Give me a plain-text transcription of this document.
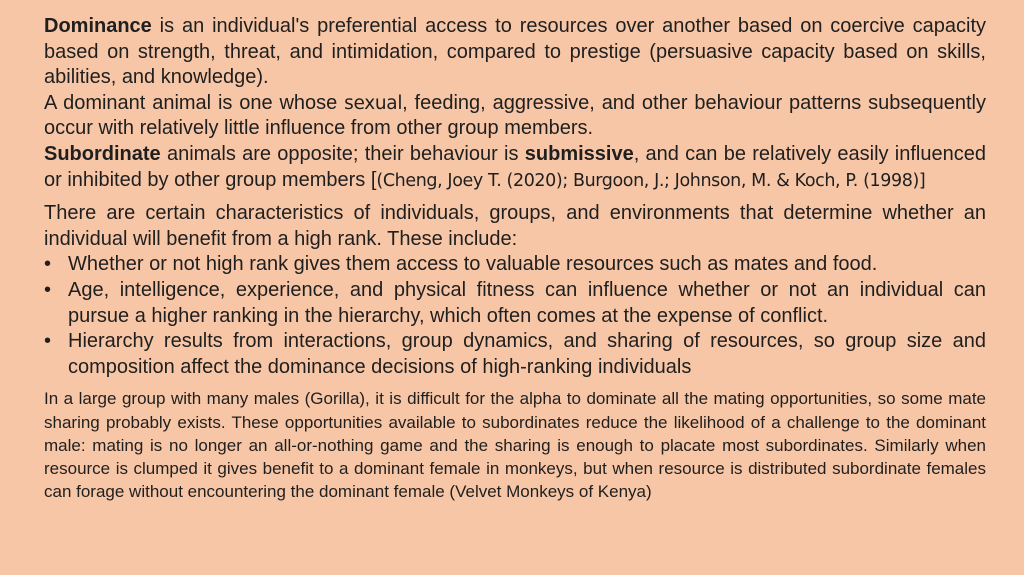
Dominance is an individual's preferential access to resources over another based on coercive capacity based on strength, threat, and intimidation, compared to prestige (persuasive capacity based on skills, abilities, and knowledge).

A dominant animal is one whose sexual, feeding, aggressive, and other behaviour patterns subsequently occur with relatively little influence from other group members.

Subordinate animals are opposite; their behaviour is submissive, and can be relatively easily influenced or inhibited by other group members [(Cheng, Joey T. (2020); Burgoon, J.; Johnson, M. & Koch, P. (1998)]

There are certain characteristics of individuals, groups, and environments that determine whether an individual will benefit from a high rank. These include:

• Whether or not high rank gives them access to valuable resources such as mates and food.
• Age, intelligence, experience, and physical fitness can influence whether or not an individual can pursue a higher ranking in the hierarchy, which often comes at the expense of conflict.
• Hierarchy results from interactions, group dynamics, and sharing of resources, so group size and composition affect the dominance decisions of high-ranking individuals

In a large group with many males (Gorilla), it is difficult for the alpha to dominate all the mating opportunities, so some mate sharing probably exists. These opportunities available to subordinates reduce the likelihood of a challenge to the dominant male: mating is no longer an all-or-nothing game and the sharing is enough to placate most subordinates. Similarly when resource is clumped it gives benefit to a dominant female in monkeys, but when resource is distributed subordinate females can forage without encountering the dominant female (Velvet Monkeys of Kenya)
